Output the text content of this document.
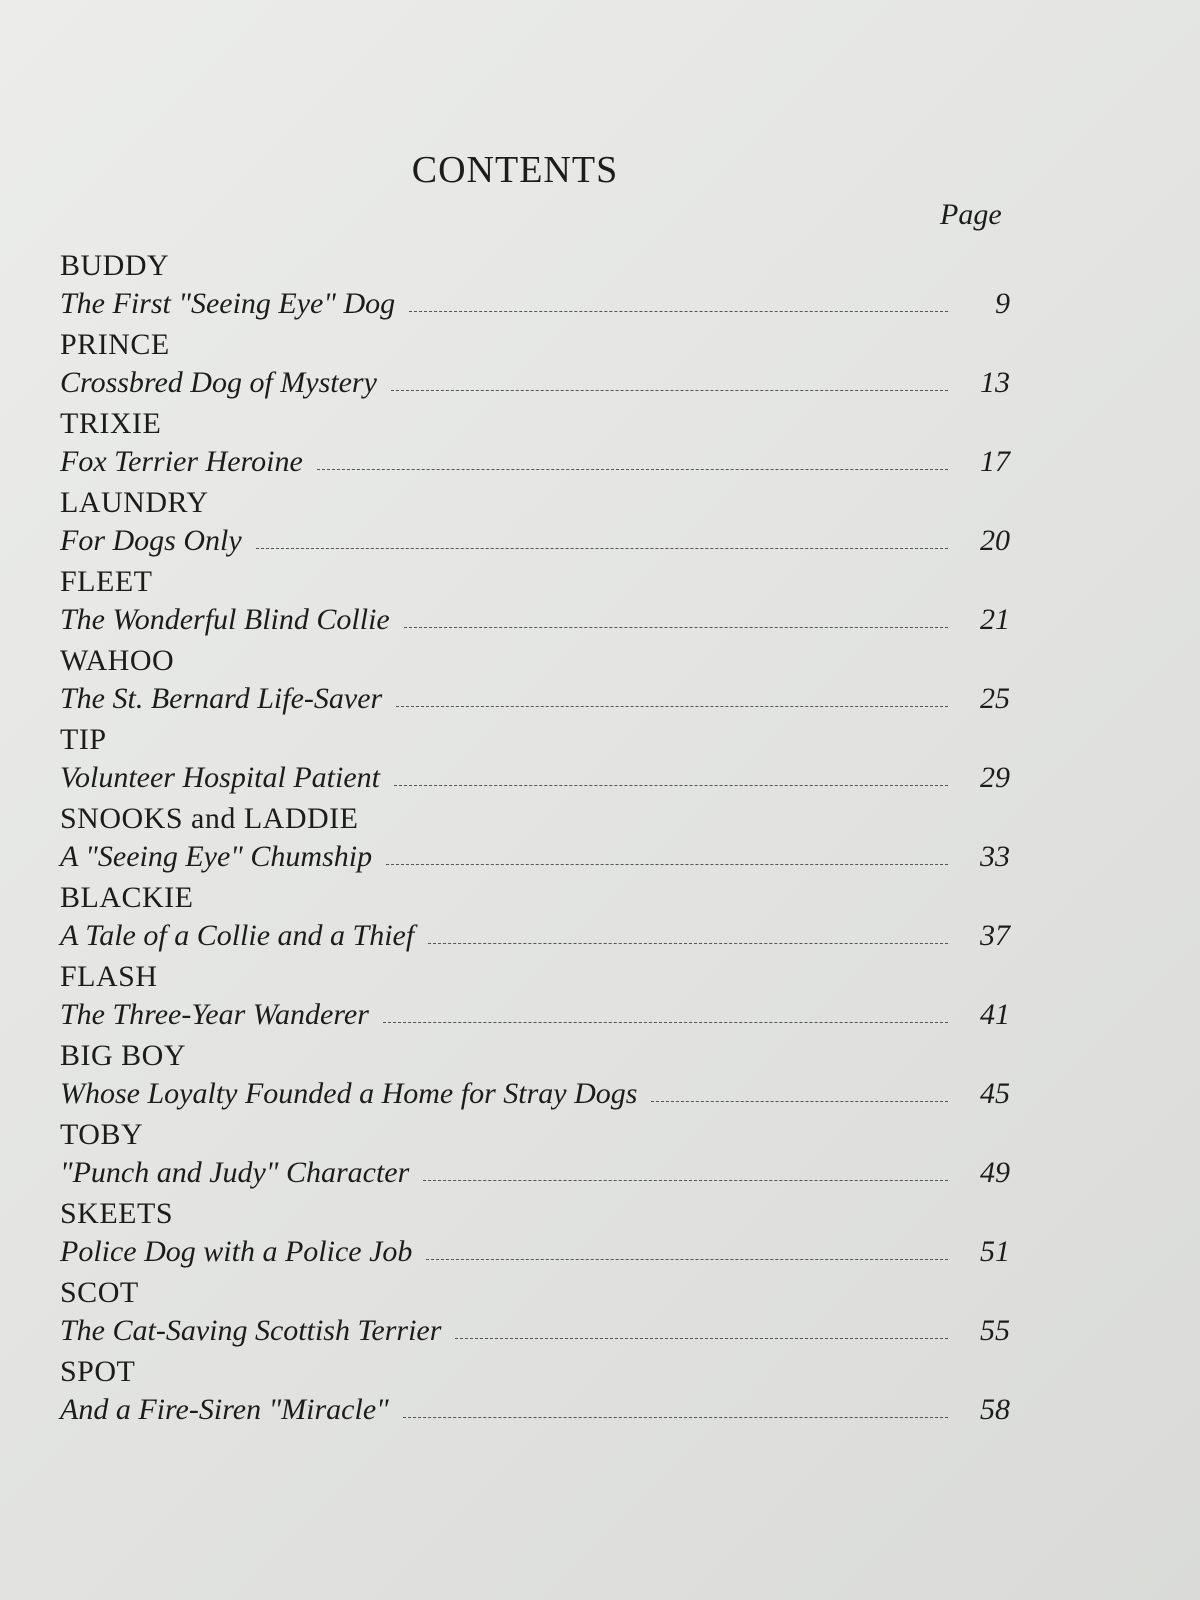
CONTENTS
Page
BUDDY
The First "Seeing Eye" Dog	9
PRINCE
Crossbred Dog of Mystery	13
TRIXIE
Fox Terrier Heroine	17
LAUNDRY
For Dogs Only	20
FLEET
The Wonderful Blind Collie	21
WAHOO
The St. Bernard Life-Saver	25
TIP
Volunteer Hospital Patient	29
SNOOKS and LADDIE
A "Seeing Eye" Chumship	33
BLACKIE
A Tale of a Collie and a Thief	37
FLASH
The Three-Year Wanderer	41
BIG BOY
Whose Loyalty Founded a Home for Stray Dogs	45
TOBY
"Punch and Judy" Character	49
SKEETS
Police Dog with a Police Job	51
SCOT
The Cat-Saving Scottish Terrier	55
SPOT
And a Fire-Siren "Miracle"	58
